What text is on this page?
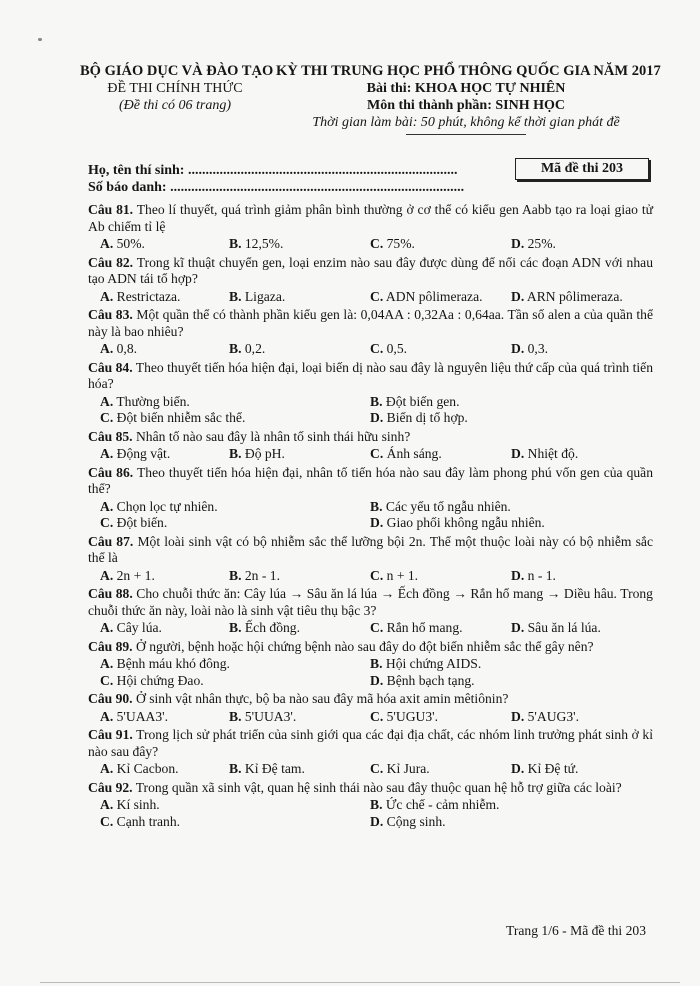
BỘ GIÁO DỤC VÀ ĐÀO TẠO
ĐỀ THI CHÍNH THỨC
(Đề thi có 06 trang)
KỲ THI TRUNG HỌC PHỔ THÔNG QUỐC GIA NĂM 2017
Bài thi: KHOA HỌC TỰ NHIÊN
Môn thi thành phần: SINH HỌC
Thời gian làm bài: 50 phút, không kể thời gian phát đề
Họ, tên thí sinh: .............................................................................
Số báo danh: ....................................................................................
Mã đề thi 203
Câu 81. Theo lí thuyết, quá trình giảm phân bình thường ở cơ thể có kiểu gen Aabb tạo ra loại giao tử Ab chiếm tỉ lệ
A. 50%.	B. 12,5%.	C. 75%.	D. 25%.
Câu 82. Trong kĩ thuật chuyển gen, loại enzim nào sau đây được dùng để nối các đoạn ADN với nhau tạo ADN tái tổ hợp?
A. Restrictaza.	B. Ligaza.	C. ADN pôlimeraza.	D. ARN pôlimeraza.
Câu 83. Một quần thể có thành phần kiểu gen là: 0,04AA : 0,32Aa : 0,64aa. Tần số alen a của quần thể này là bao nhiêu?
A. 0,8.	B. 0,2.	C. 0,5.	D. 0,3.
Câu 84. Theo thuyết tiến hóa hiện đại, loại biến dị nào sau đây là nguyên liệu thứ cấp của quá trình tiến hóa?
A. Thường biến.	B. Đột biến gen.
C. Đột biến nhiễm sắc thể.	D. Biến dị tổ hợp.
Câu 85. Nhân tố nào sau đây là nhân tố sinh thái hữu sinh?
A. Động vật.	B. Độ pH.	C. Ánh sáng.	D. Nhiệt độ.
Câu 86. Theo thuyết tiến hóa hiện đại, nhân tố tiến hóa nào sau đây làm phong phú vốn gen của quần thể?
A. Chọn lọc tự nhiên.	B. Các yếu tố ngẫu nhiên.
C. Đột biến.	D. Giao phối không ngẫu nhiên.
Câu 87. Một loài sinh vật có bộ nhiễm sắc thể lưỡng bội 2n. Thể một thuộc loài này có bộ nhiễm sắc thể là
A. 2n + 1.	B. 2n - 1.	C. n + 1.	D. n - 1.
Câu 88. Cho chuỗi thức ăn: Cây lúa → Sâu ăn lá lúa → Ếch đồng → Rắn hổ mang → Diều hâu. Trong chuỗi thức ăn này, loài nào là sinh vật tiêu thụ bậc 3?
A. Cây lúa.	B. Ếch đồng.	C. Rắn hổ mang.	D. Sâu ăn lá lúa.
Câu 89. Ở người, bệnh hoặc hội chứng bệnh nào sau đây do đột biến nhiễm sắc thể gây nên?
A. Bệnh máu khó đông.	B. Hội chứng AIDS.
C. Hội chứng Đao.	D. Bệnh bạch tạng.
Câu 90. Ở sinh vật nhân thực, bộ ba nào sau đây mã hóa axit amin mêtiônin?
A. 5'UAA3'.	B. 5'UUA3'.	C. 5'UGU3'.	D. 5'AUG3'.
Câu 91. Trong lịch sử phát triển của sinh giới qua các đại địa chất, các nhóm linh trưởng phát sinh ở kỉ nào sau đây?
A. Kỉ Cacbon.	B. Kỉ Đệ tam.	C. Kỉ Jura.	D. Kỉ Đệ tứ.
Câu 92. Trong quần xã sinh vật, quan hệ sinh thái nào sau đây thuộc quan hệ hỗ trợ giữa các loài?
A. Kí sinh.	B. Ức chế - cảm nhiễm.
C. Cạnh tranh.	D. Cộng sinh.
Trang 1/6 - Mã đề thi 203
